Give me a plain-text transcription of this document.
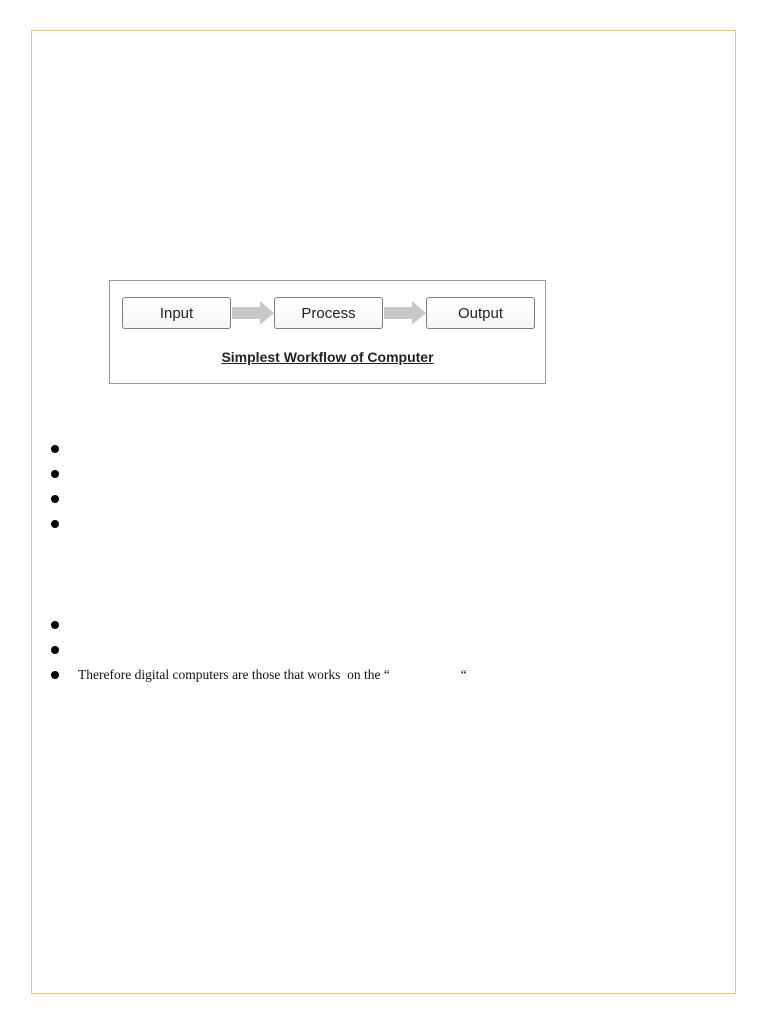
Input	Process	Output
Simplest Workflow of Computer
Therefore digital computers are those that works  on the “                     “
